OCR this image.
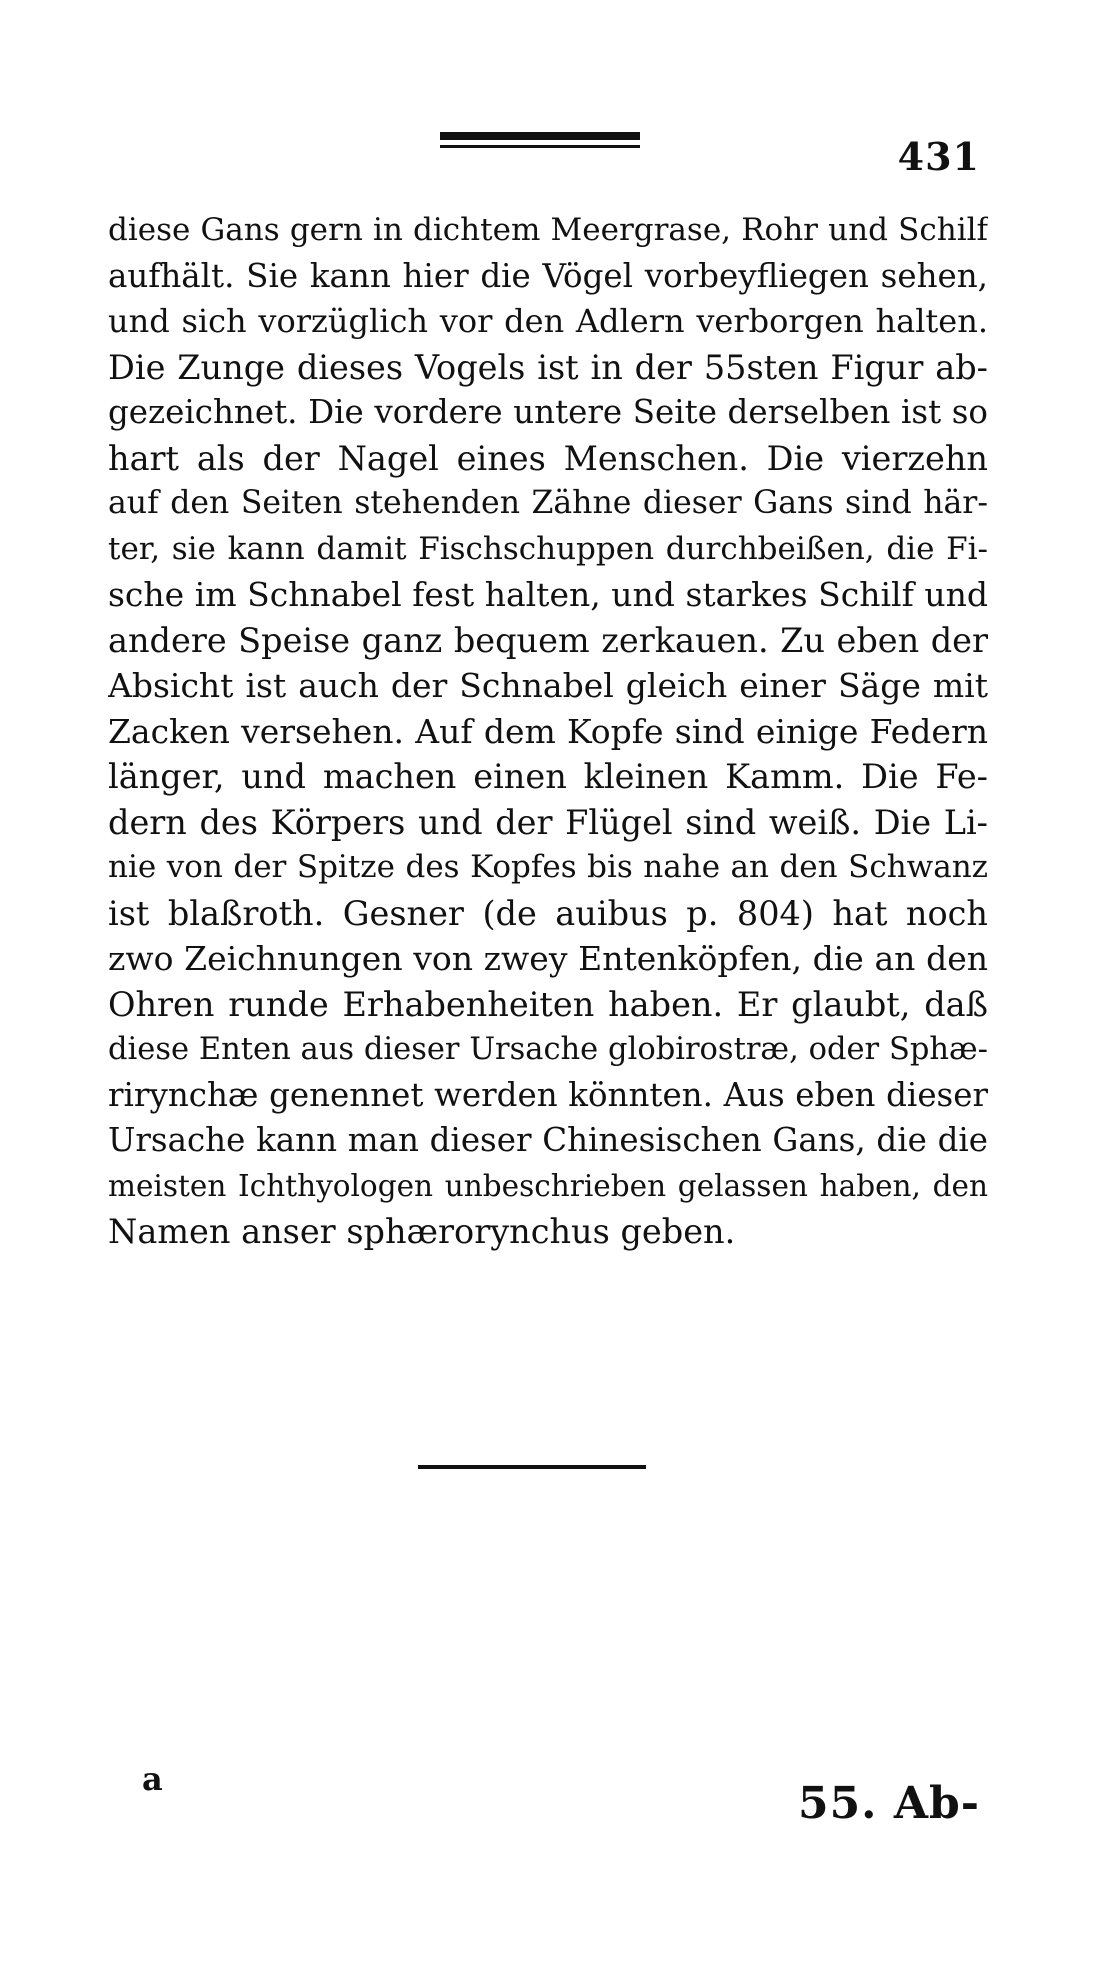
431
diese Gans gern in dichtem Meergrase, Rohr und Schilf
aufhält. Sie kann hier die Vögel vorbeyfliegen sehen,
und sich vorzüglich vor den Adlern verborgen halten.
Die Zunge dieses Vogels ist in der 55sten Figur ab-
gezeichnet. Die vordere untere Seite derselben ist so
hart als der Nagel eines Menschen. Die vierzehn
auf den Seiten stehenden Zähne dieser Gans sind här-
ter, sie kann damit Fischschuppen durchbeißen, die Fi-
sche im Schnabel fest halten, und starkes Schilf und
andere Speise ganz bequem zerkauen. Zu eben der
Absicht ist auch der Schnabel gleich einer Säge mit
Zacken versehen. Auf dem Kopfe sind einige Federn
länger, und machen einen kleinen Kamm. Die Fe-
dern des Körpers und der Flügel sind weiß. Die Li-
nie von der Spitze des Kopfes bis nahe an den Schwanz
ist blaßroth. Gesner (de auibus p. 804) hat noch
zwo Zeichnungen von zwey Entenköpfen, die an den
Ohren runde Erhabenheiten haben. Er glaubt, daß
diese Enten aus dieser Ursache globirostræ, oder Sphæ-
rirynchæ genennet werden könnten. Aus eben dieser
Ursache kann man dieser Chinesischen Gans, die die
meisten Ichthyologen unbeschrieben gelassen haben, den
Namen anser sphærorynchus geben.
a	55. Ab-
